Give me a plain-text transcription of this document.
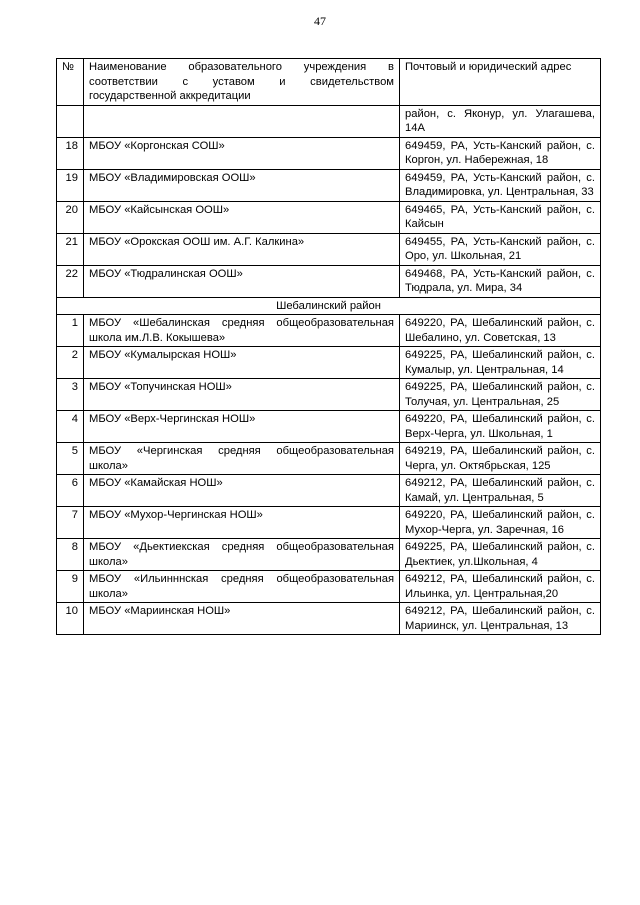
47
№	Наименование образовательного учреждения в соответствии с уставом и свидетельством государственной аккредитации	Почтовый и юридический адрес
		район, с. Яконур, ул. Улагашева, 14А
18	МБОУ «Коргонская СОШ»	649459, РА, Усть-Канский район, с. Коргон, ул. Набережная, 18
19	МБОУ «Владимировская ООШ»	649459, РА, Усть-Канский район, с. Владимировка, ул. Центральная, 33
20	МБОУ «Кайсынская ООШ»	649465, РА, Усть-Канский район, с. Кайсын
21	МБОУ «Орокская ООШ им. А.Г. Калкина»	649455, РА, Усть-Канский район, с. Оро, ул. Школьная, 21
22	МБОУ «Тюдралинская ООШ»	649468, РА, Усть-Канский район, с. Тюдрала, ул. Мира, 34
Шебалинский район		
1	МБОУ «Шебалинская средняя общеобразовательная школа им.Л.В. Кокышева»	649220, РА, Шебалинский район, с. Шебалино, ул. Советская, 13
2	МБОУ «Кумалырская НОШ»	649225, РА, Шебалинский район, с. Кумалыр, ул. Центральная, 14
3	МБОУ «Топучинская НОШ»	649225, РА, Шебалинский район, с. Толучая, ул. Центральная, 25
4	МБОУ «Верх-Чергинская НОШ»	649220, РА, Шебалинский район, с. Верх-Черга, ул. Школьная, 1
5	МБОУ «Чергинская средняя общеобразовательная школа»	649219, РА, Шебалинский район, с. Черга, ул. Октябрьская, 125
6	МБОУ «Камайская НОШ»	649212, РА, Шебалинский район, с. Камай, ул. Центральная, 5
7	МБОУ «Мухор-Чергинская НОШ»	649220, РА, Шебалинский район, с. Мухор-Черга, ул. Заречная, 16
8	МБОУ «Дьектиекская средняя общеобразовательная школа»	649225, РА, Шебалинский район, с. Дьектиек, ул.Школьная, 4
9	МБОУ «Ильинннская средняя общеобразовательная школа»	649212, РА, Шебалинский район, с. Ильинка, ул. Центральная,20
10	МБОУ «Мариинская НОШ»	649212, РА, Шебалинский район, с. Мариинск, ул. Центральная, 13
